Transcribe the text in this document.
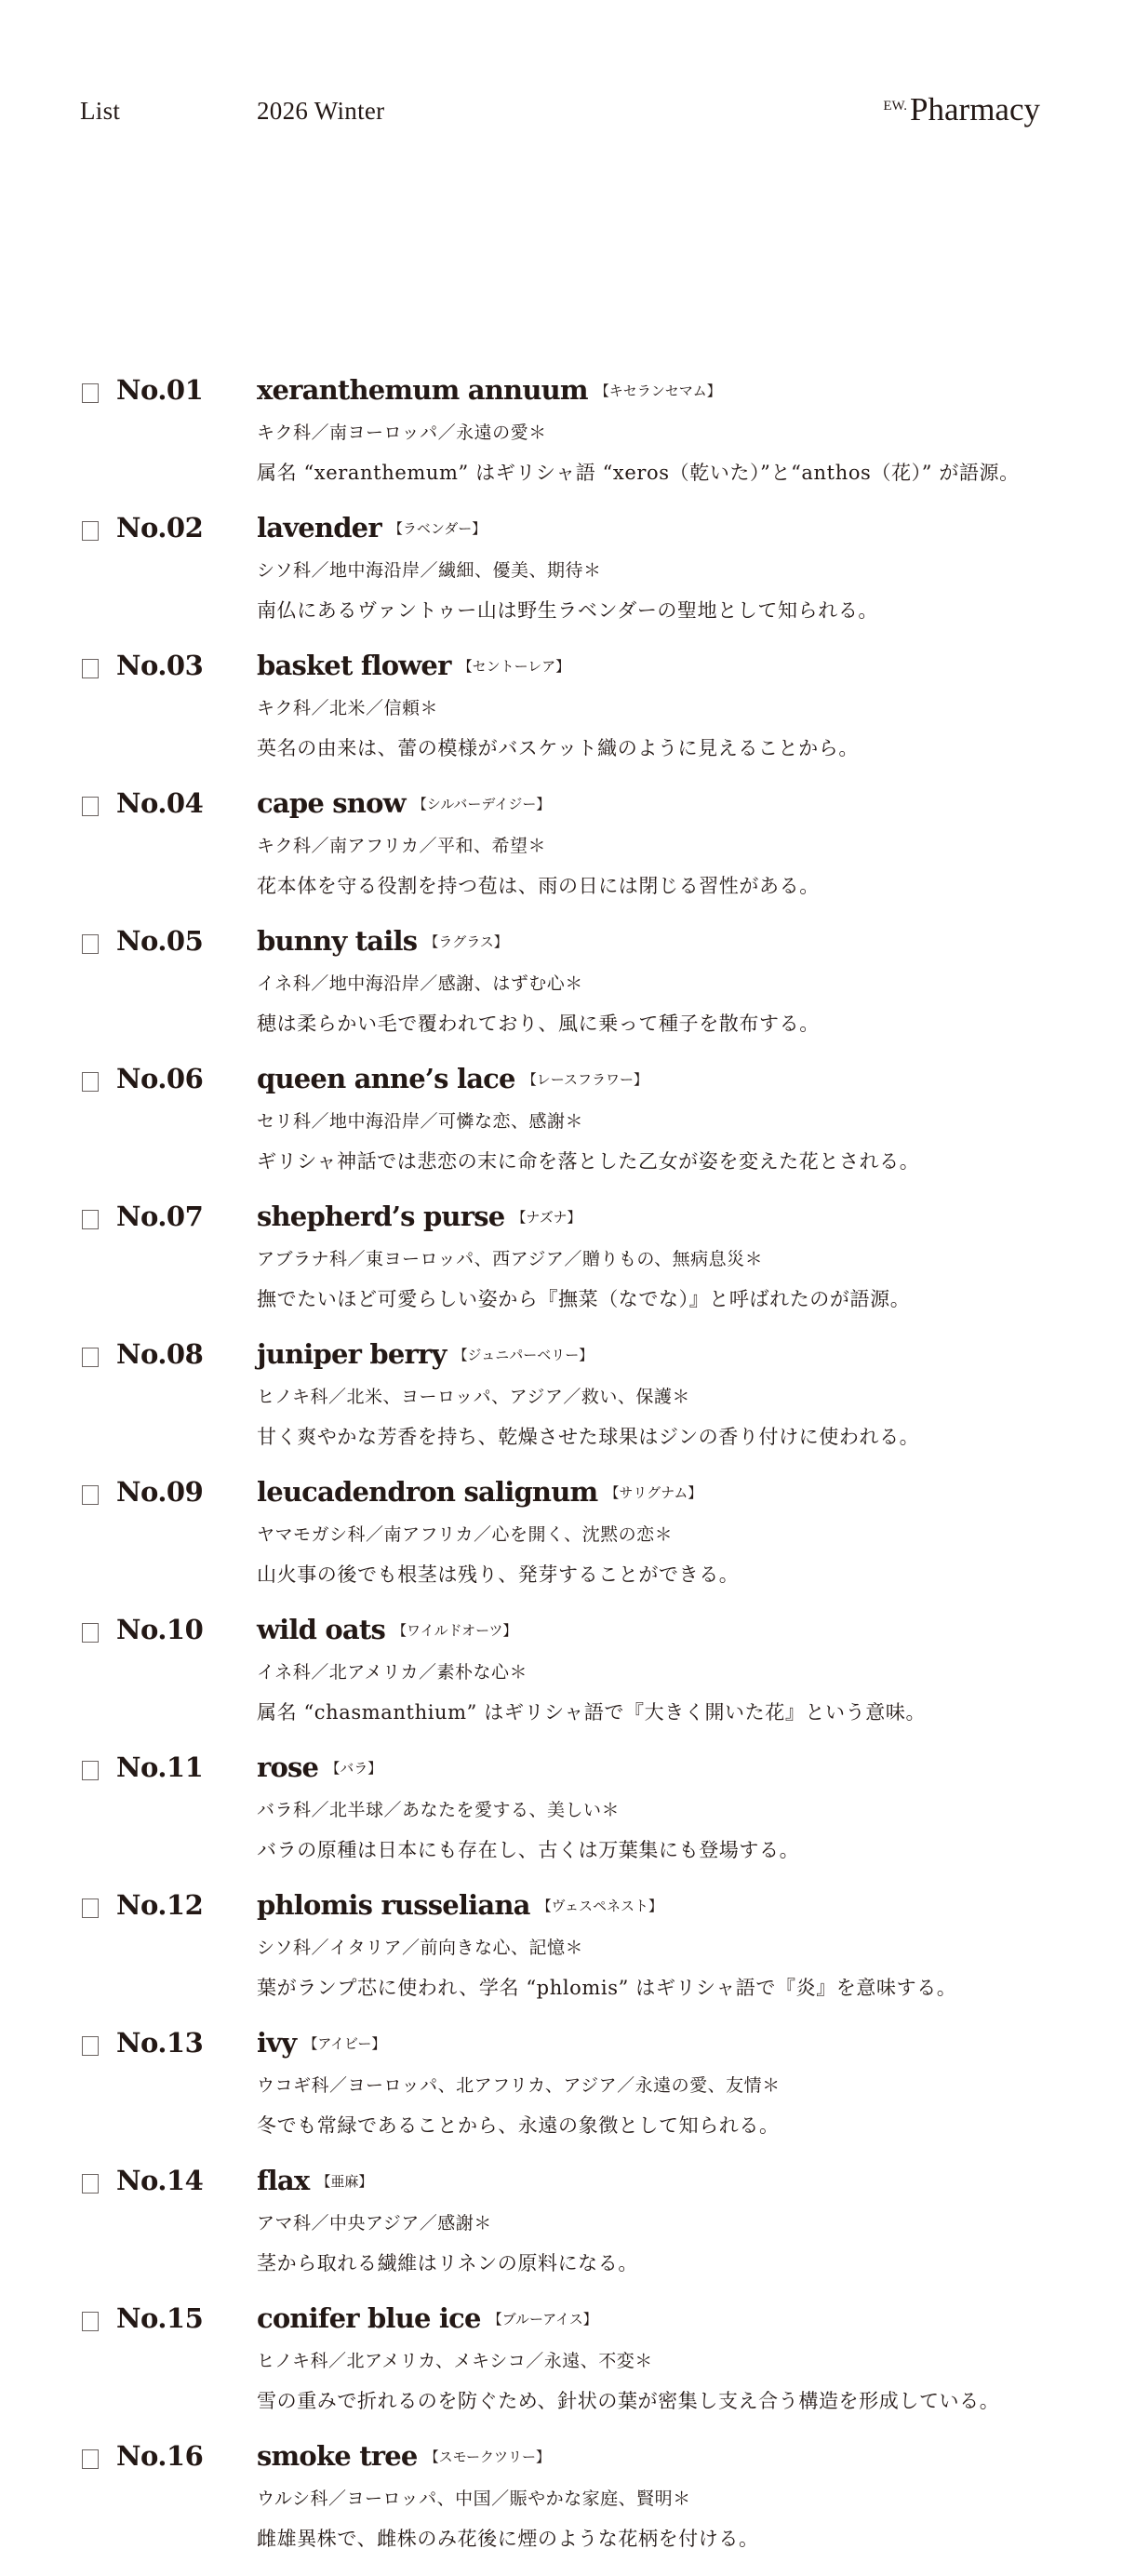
List	2026 Winter	EW. Pharmacy
No.01 xeranthemum annuum 【キセランセマム】
キク科／南ヨーロッパ／永遠の愛＊
属名 “xeranthemum” はギリシャ語 “xeros（乾いた）”と“anthos（花）” が語源。
No.02 lavender 【ラベンダー】
シソ科／地中海沿岸／繊細、優美、期待＊
南仏にあるヴァントゥー山は野生ラベンダーの聖地として知られる。
No.03 basket flower 【セントーレア】
キク科／北米／信頼＊
英名の由来は、蕾の模様がバスケット織のように見えることから。
No.04 cape snow 【シルバーデイジー】
キク科／南アフリカ／平和、希望＊
花本体を守る役割を持つ苞は、雨の日には閉じる習性がある。
No.05 bunny tails 【ラグラス】
イネ科／地中海沿岸／感謝、はずむ心＊
穂は柔らかい毛で覆われており、風に乗って種子を散布する。
No.06 queen anne’s lace 【レースフラワー】
セリ科／地中海沿岸／可憐な恋、感謝＊
ギリシャ神話では悲恋の末に命を落とした乙女が姿を変えた花とされる。
No.07 shepherd’s purse 【ナズナ】
アブラナ科／東ヨーロッパ、西アジア／贈りもの、無病息災＊
撫でたいほど可愛らしい姿から『撫菜（なでな）』と呼ばれたのが語源。
No.08 juniper berry 【ジュニパーベリー】
ヒノキ科／北米、ヨーロッパ、アジア／救い、保護＊
甘く爽やかな芳香を持ち、乾燥させた球果はジンの香り付けに使われる。
No.09 leucadendron salignum 【サリグナム】
ヤマモガシ科／南アフリカ／心を開く、沈黙の恋＊
山火事の後でも根茎は残り、発芽することができる。
No.10 wild oats 【ワイルドオーツ】
イネ科／北アメリカ／素朴な心＊
属名 “chasmanthium” はギリシャ語で『大きく開いた花』という意味。
No.11 rose 【バラ】
バラ科／北半球／あなたを愛する、美しい＊
バラの原種は日本にも存在し、古くは万葉集にも登場する。
No.12 phlomis russeliana 【ヴェスペネスト】
シソ科／イタリア／前向きな心、記憶＊
葉がランプ芯に使われ、学名 “phlomis” はギリシャ語で『炎』を意味する。
No.13 ivy 【アイビー】
ウコギ科／ヨーロッパ、北アフリカ、アジア／永遠の愛、友情＊
冬でも常緑であることから、永遠の象徴として知られる。
No.14 flax 【亜麻】
アマ科／中央アジア／感謝＊
茎から取れる繊維はリネンの原料になる。
No.15 conifer blue ice 【ブルーアイス】
ヒノキ科／北アメリカ、メキシコ／永遠、不変＊
雪の重みで折れるのを防ぐため、針状の葉が密集し支え合う構造を形成している。
No.16 smoke tree 【スモークツリー】
ウルシ科／ヨーロッパ、中国／賑やかな家庭、賢明＊
雌雄異株で、雌株のみ花後に煙のような花柄を付ける。
